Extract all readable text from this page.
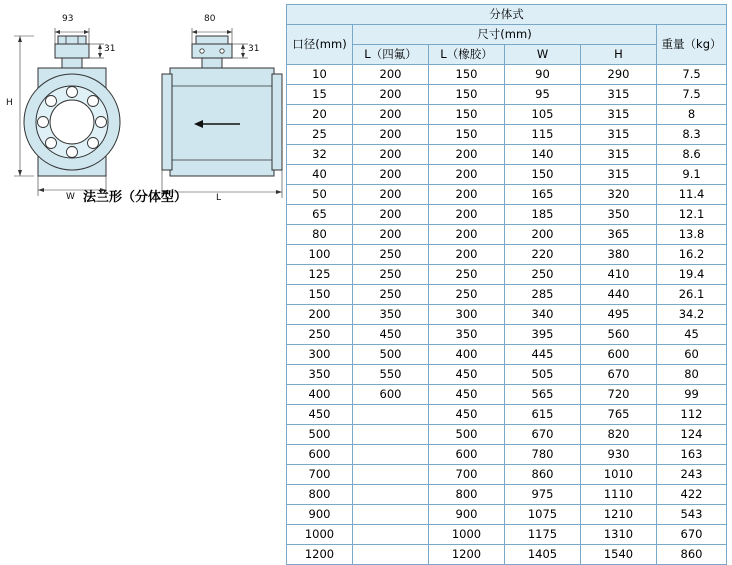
93
31
H
W
80
31
L
法兰形（分体型）
分体式					
口径(mm)	尺寸(mm)				重量（kg）
	L（四氟）	L（橡胶）	W	H	
10	200	150	90	290	7.5
15	200	150	95	315	7.5
20	200	150	105	315	8
25	200	150	115	315	8.3
32	200	200	140	315	8.6
40	200	200	150	315	9.1
50	200	200	165	320	11.4
65	200	200	185	350	12.1
80	200	200	200	365	13.8
100	250	200	220	380	16.2
125	250	250	250	410	19.4
150	250	250	285	440	26.1
200	350	300	340	495	34.2
250	450	350	395	560	45
300	500	400	445	600	60
350	550	450	505	670	80
400	600	450	565	720	99
450		450	615	765	112
500		500	670	820	124
600		600	780	930	163
700		700	860	1010	243
800		800	975	1110	422
900		900	1075	1210	543
1000		1000	1175	1310	670
1200		1200	1405	1540	860
